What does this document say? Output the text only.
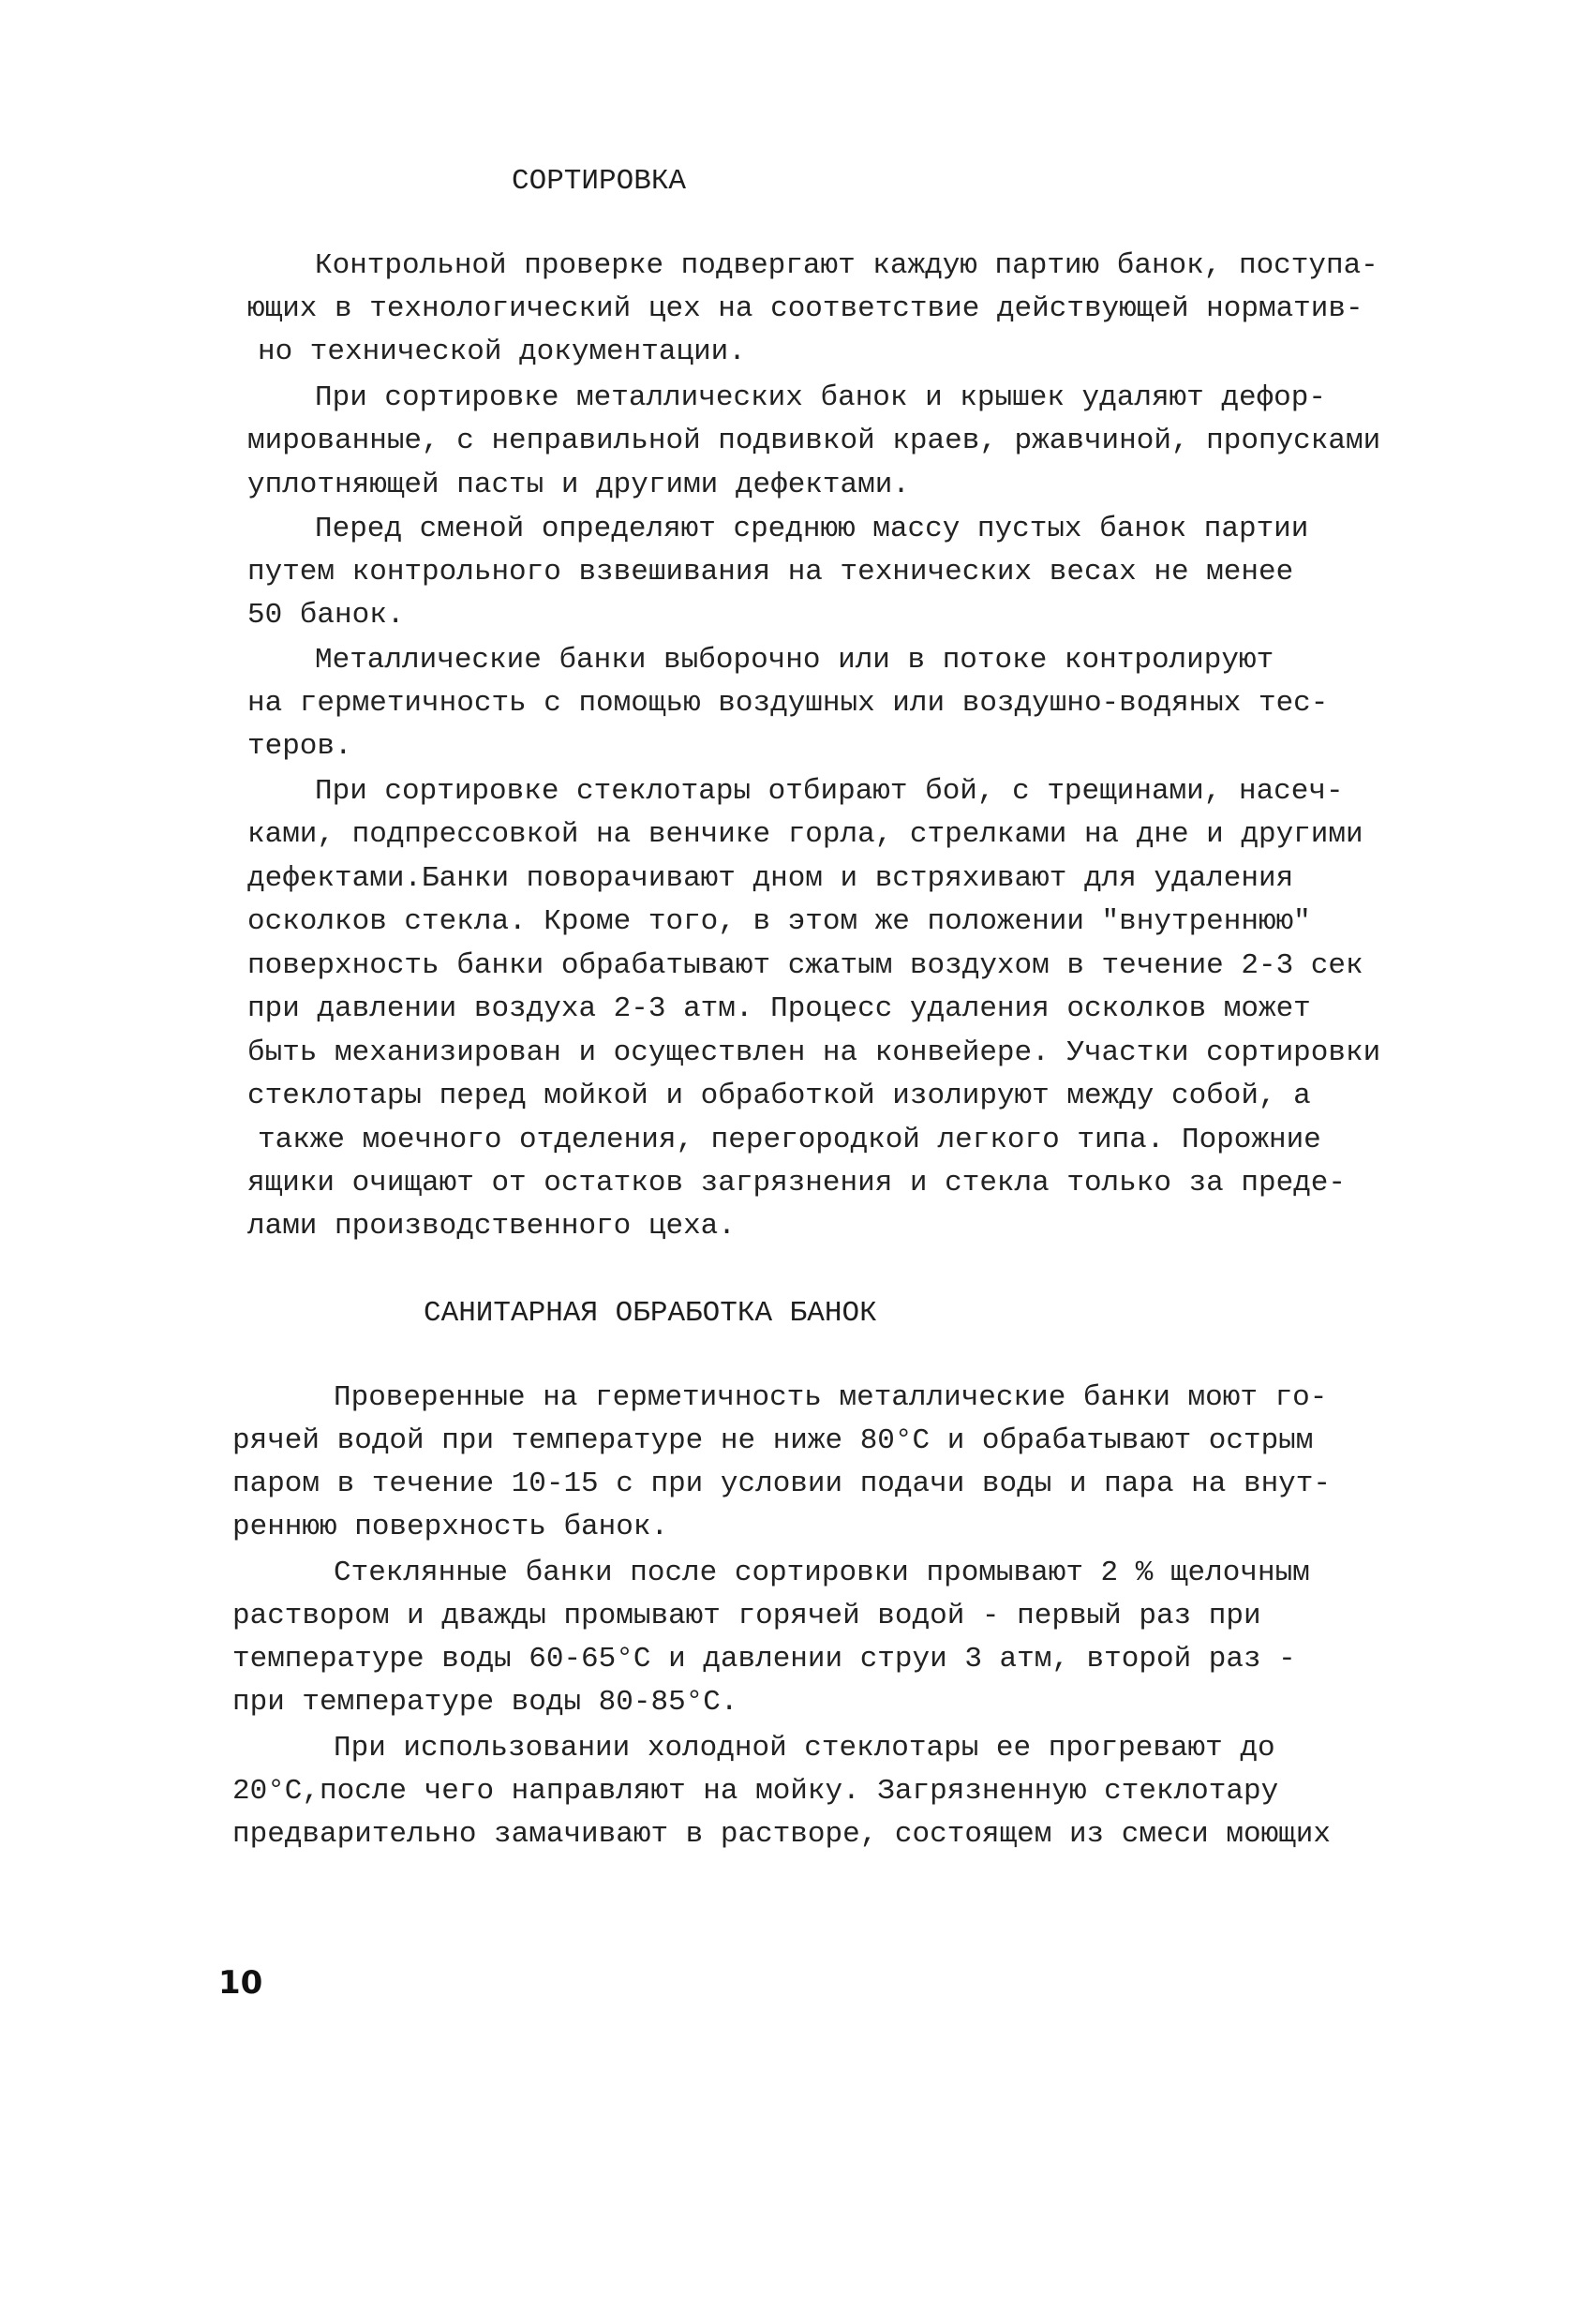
СОРТИРОВКА
Контрольной проверке подвергают каждую партию банок, поступа-
ющих в технологический цех на соответствие действующей норматив-
но технической документации.
При сортировке металлических банок и крышек удаляют дефор-
мированные, с неправильной подвивкой краев, ржавчиной, пропусками
уплотняющей пасты и другими дефектами.
Перед сменой определяют среднюю массу пустых банок партии
путем контрольного взвешивания на технических весах не менее
50 банок.
Металлические банки выборочно или в потоке контролируют
на герметичность с помощью воздушных или воздушно-водяных тес-
теров.
При сортировке стеклотары отбирают бой, с трещинами, насеч-
ками, подпрессовкой на венчике горла, стрелками на дне и другими
дефектами.Банки поворачивают дном и встряхивают для удаления
осколков стекла. Кроме того, в этом же положении "внутреннюю"
поверхность банки обрабатывают сжатым воздухом в течение 2-3 сек
при давлении воздуха 2-3 атм. Процесс удаления осколков может
быть механизирован и осуществлен на конвейере. Участки сортировки
стеклотары перед мойкой и обработкой изолируют между собой, а
также моечного отделения, перегородкой легкого типа. Порожние
ящики очищают от остатков загрязнения и стекла только за преде-
лами производственного цеха.
САНИТАРНАЯ ОБРАБОТКА БАНОК
Проверенные на герметичность металлические банки моют го-
рячей водой при температуре не ниже 80°С и обрабатывают острым
паром в течение 10-15 с при условии подачи воды и пара на внут-
реннюю поверхность банок.
Стеклянные банки после сортировки промывают 2 % щелочным
раствором и дважды промывают горячей водой - первый раз при
температуре воды 60-65°С и давлении струи 3 атм, второй раз -
при температуре воды 80-85°С.
При использовании холодной стеклотары ее прогревают до
20°С,после чего направляют на мойку. Загрязненную стеклотару
предварительно замачивают в растворе, состоящем из смеси моющих
10
